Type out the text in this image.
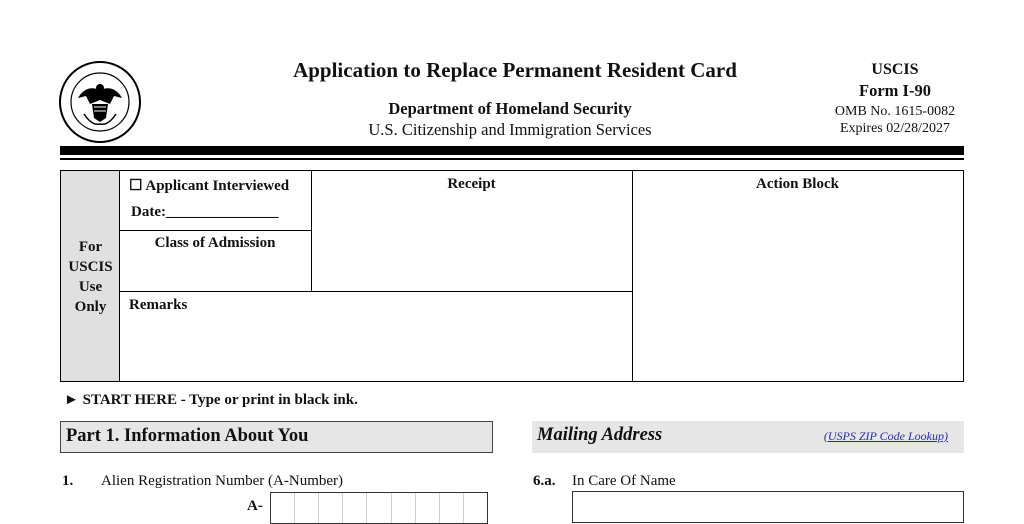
Application to Replace Permanent Resident Card
Department of Homeland Security
U.S. Citizenship and Immigration Services
USCIS
Form I-90
OMB No. 1615-0082
Expires 02/28/2027
For
USCIS
Use
Only
☐ Applicant Interviewed
Date:_______________
Class of Admission
Receipt	Action Block
Remarks
► START HERE - Type or print in black ink.
Part 1. Information About You	Mailing Address	(USPS ZIP Code Lookup)
1. Alien Registration Number (A-Number)
A-
6.a. In Care Of Name
